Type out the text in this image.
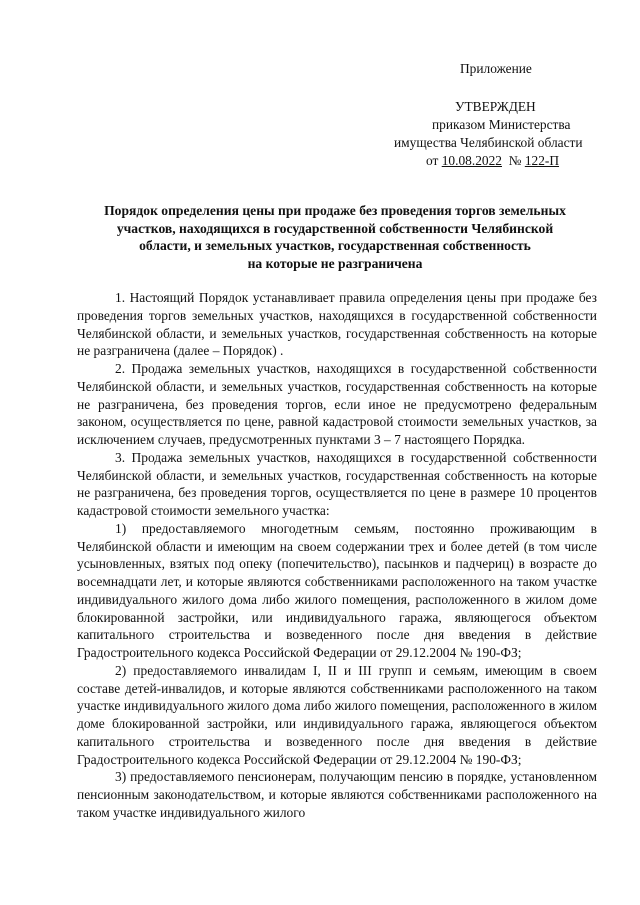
Приложение
УТВЕРЖДЕН
приказом Министерства
имущества Челябинской области
от 10.08.2022  № 122-П
Порядок определения цены при продаже без проведения торгов земельных
участков, находящихся в государственной собственности Челябинской
области, и земельных участков, государственная собственность
на которые не разграничена

1. Настоящий Порядок устанавливает правила определения цены при продаже без проведения торгов земельных участков, находящихся в государственной собственности Челябинской области, и земельных участков, государственная собственность на которые не разграничена (далее – Порядок) .

2. Продажа земельных участков, находящихся в государственной собственности Челябинской области, и земельных участков, государственная собственность на которые не разграничена, без проведения торгов, если иное не предусмотрено федеральным законом, осуществляется по цене, равной кадастровой стоимости земельных участков, за исключением случаев, предусмотренных пунктами 3 – 7 настоящего Порядка.

3. Продажа земельных участков, находящихся в государственной собственности Челябинской области, и земельных участков, государственная собственность на которые не разграничена, без проведения торгов, осуществляется по цене в размере 10 процентов кадастровой стоимости земельного участка:

1) предоставляемого многодетным семьям, постоянно проживающим в Челябинской области и имеющим на своем содержании трех и более детей (в том числе усыновленных, взятых под опеку (попечительство), пасынков и падчериц) в возрасте до восемнадцати лет, и которые являются собственниками расположенного на таком участке индивидуального жилого дома либо жилого помещения, расположенного в жилом доме блокированной застройки, или индивидуального гаража, являющегося объектом капитального строительства и возведенного после дня введения в действие Градостроительного кодекса Российской Федерации от 29.12.2004 № 190-ФЗ;

2) предоставляемого инвалидам I, II и III групп и семьям, имеющим в своем составе детей-инвалидов, и которые являются собственниками расположенного на таком участке индивидуального жилого дома либо жилого помещения, расположенного в жилом доме блокированной застройки, или индивидуального гаража, являющегося объектом капитального строительства и возведенного после дня введения в действие Градостроительного кодекса Российской Федерации от 29.12.2004 № 190-ФЗ;

3) предоставляемого пенсионерам, получающим пенсию в порядке, установленном пенсионным законодательством, и которые являются собственниками расположенного на таком участке индивидуального жилого
